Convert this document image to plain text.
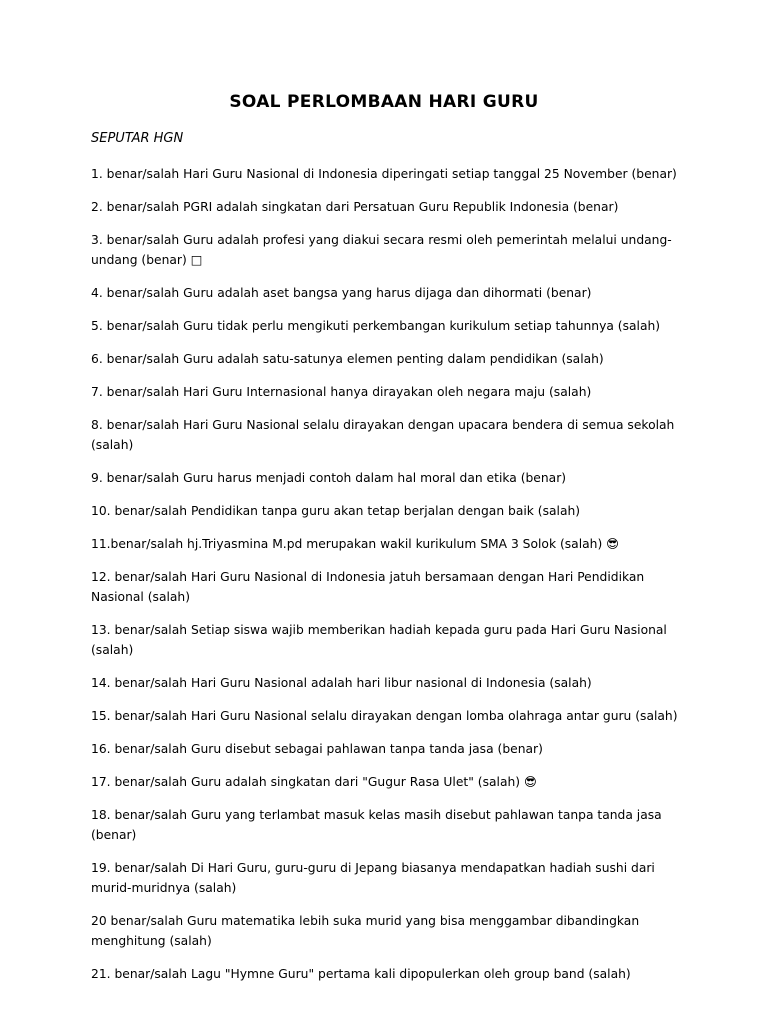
SOAL PERLOMBAAN HARI GURU

SEPUTAR HGN

1. benar/salah Hari Guru Nasional di Indonesia diperingati setiap tanggal 25 November (benar)
2. benar/salah PGRI adalah singkatan dari Persatuan Guru Republik Indonesia (benar)
3. benar/salah Guru adalah profesi yang diakui secara resmi oleh pemerintah melalui undang-undang (benar) □
4. benar/salah Guru adalah aset bangsa yang harus dijaga dan dihormati (benar)
5. benar/salah Guru tidak perlu mengikuti perkembangan kurikulum setiap tahunnya (salah)
6. benar/salah Guru adalah satu-satunya elemen penting dalam pendidikan (salah)
7. benar/salah Hari Guru Internasional hanya dirayakan oleh negara maju (salah)
8. benar/salah Hari Guru Nasional selalu dirayakan dengan upacara bendera di semua sekolah (salah)
9. benar/salah Guru harus menjadi contoh dalam hal moral dan etika (benar)
10. benar/salah Pendidikan tanpa guru akan tetap berjalan dengan baik (salah)
11.benar/salah hj.Triyasmina M.pd merupakan wakil kurikulum SMA 3 Solok (salah) 😎
12. benar/salah Hari Guru Nasional di Indonesia jatuh bersamaan dengan Hari Pendidikan Nasional (salah)
13. benar/salah Setiap siswa wajib memberikan hadiah kepada guru pada Hari Guru Nasional (salah)
14. benar/salah Hari Guru Nasional adalah hari libur nasional di Indonesia (salah)
15. benar/salah Hari Guru Nasional selalu dirayakan dengan lomba olahraga antar guru (salah)
16. benar/salah Guru disebut sebagai pahlawan tanpa tanda jasa (benar)
17. benar/salah Guru adalah singkatan dari "Gugur Rasa Ulet" (salah) 😎
18. benar/salah Guru yang terlambat masuk kelas masih disebut pahlawan tanpa tanda jasa (benar)
19. benar/salah Di Hari Guru, guru-guru di Jepang biasanya mendapatkan hadiah sushi dari murid-muridnya (salah)
20 benar/salah Guru matematika lebih suka murid yang bisa menggambar dibandingkan menghitung (salah)
21. benar/salah Lagu "Hymne Guru" pertama kali dipopulerkan oleh group band (salah)
